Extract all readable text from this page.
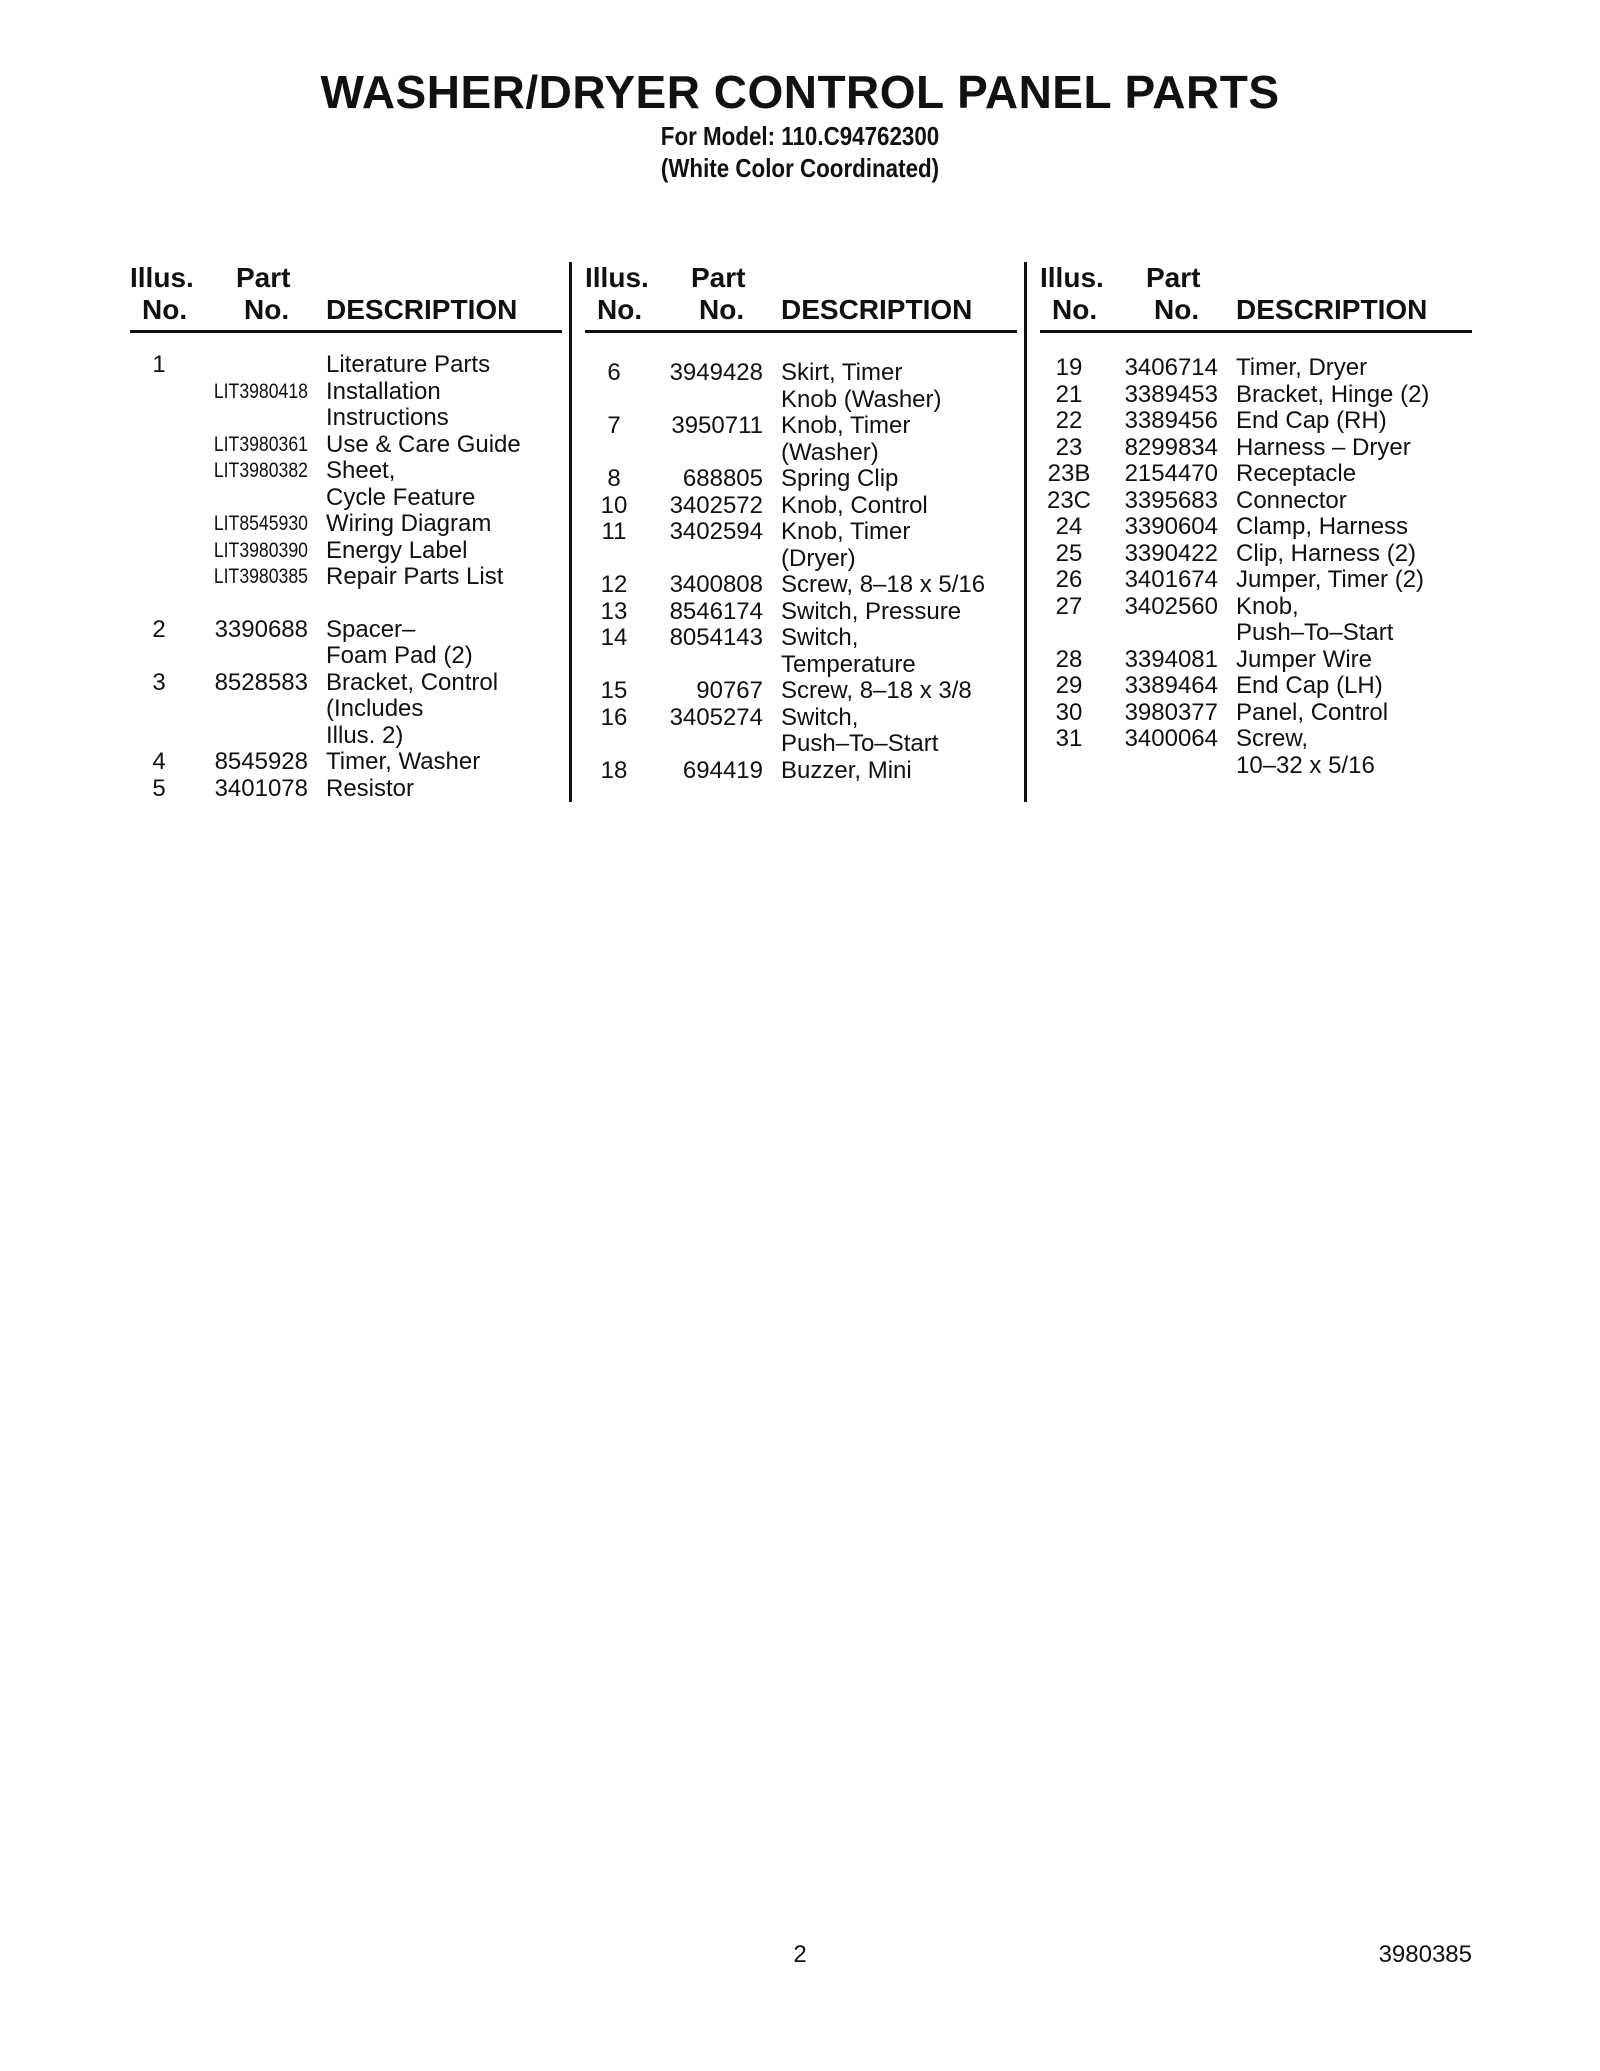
WASHER/DRYER CONTROL PANEL PARTS
For Model: 110.C94762300
(White Color Coordinated)
Illus.
No.
Part
No. DESCRIPTION
1	Literature Parts
LIT3980418 Installation
Instructions
LIT3980361 Use & Care Guide
LIT3980382 Sheet,
Cycle Feature
LIT8545930 Wiring Diagram
LIT3980390 Energy Label
LIT3980385 Repair Parts List
2	3390688 Spacer–
Foam Pad (2)
3	8528583 Bracket, Control
(Includes
Illus. 2)
4	8545928 Timer, Washer
5	3401078 Resistor
Illus.
No.
Part
No. DESCRIPTION
6	3949428 Skirt, Timer
Knob (Washer)
7	3950711 Knob, Timer
(Washer)
8	688805 Spring Clip
10	3402572 Knob, Control
11	3402594 Knob, Timer
(Dryer)
12	3400808 Screw, 8–18 x 5/16
13	8546174 Switch, Pressure
14	8054143 Switch,
Temperature
15	90767 Screw, 8–18 x 3/8
16	3405274 Switch,
Push–To–Start
18	694419 Buzzer, Mini
Illus.
No.
Part
No. DESCRIPTION
19	3406714 Timer, Dryer
21	3389453 Bracket, Hinge (2)
22	3389456 End Cap (RH)
23	8299834 Harness – Dryer
23B	2154470 Receptacle
23C	3395683 Connector
24	3390604 Clamp, Harness
25	3390422 Clip, Harness (2)
26	3401674 Jumper, Timer (2)
27	3402560 Knob,
Push–To–Start
28	3394081 Jumper Wire
29	3389464 End Cap (LH)
30	3980377 Panel, Control
31	3400064 Screw,
10–32 x 5/16
2	3980385
